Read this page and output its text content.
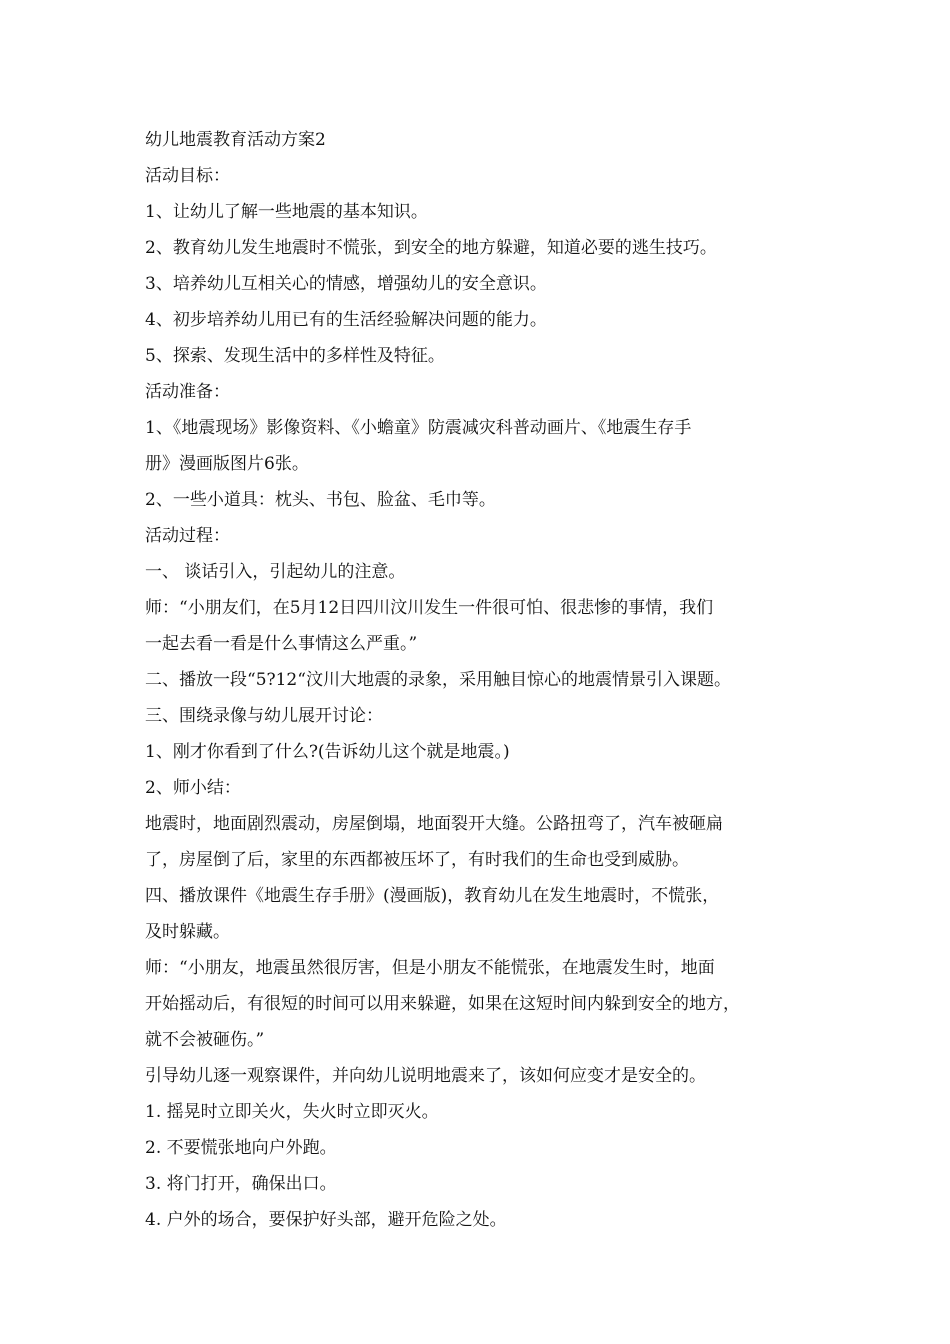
幼儿地震教育活动方案2
活动目标：
1、让幼儿了解一些地震的基本知识。
2、教育幼儿发生地震时不慌张，到安全的地方躲避，知道必要的逃生技巧。
3、培养幼儿互相关心的情感，增强幼儿的安全意识。
4、初步培养幼儿用已有的生活经验解决问题的能力。
5、探索、发现生活中的多样性及特征。
活动准备：
1、《地震现场》影像资料、《小蟾童》防震减灾科普动画片、《地震生存手
册》漫画版图片6张。
2、一些小道具：枕头、书包、脸盆、毛巾等。
活动过程：
一、 谈话引入，引起幼儿的注意。
师：“小朋友们，在5月12日四川汶川发生一件很可怕、很悲惨的事情，我们
一起去看一看是什么事情这么严重。”
二、播放一段“5?12“汶川大地震的录象，采用触目惊心的地震情景引入课题。
三、围绕录像与幼儿展开讨论：
1、刚才你看到了什么?(告诉幼儿这个就是地震。)
2、师小结：
地震时，地面剧烈震动，房屋倒塌，地面裂开大缝。公路扭弯了，汽车被砸扁
了，房屋倒了后，家里的东西都被压坏了，有时我们的生命也受到威胁。
四、播放课件《地震生存手册》(漫画版)，教育幼儿在发生地震时，不慌张，
及时躲藏。
师：“小朋友，地震虽然很厉害，但是小朋友不能慌张，在地震发生时，地面
开始摇动后，有很短的时间可以用来躲避，如果在这短时间内躲到安全的地方，
就不会被砸伤。”
引导幼儿逐一观察课件，并向幼儿说明地震来了，该如何应变才是安全的。
1. 摇晃时立即关火，失火时立即灭火。
2. 不要慌张地向户外跑。
3. 将门打开，确保出口。
4. 户外的场合，要保护好头部，避开危险之处。
